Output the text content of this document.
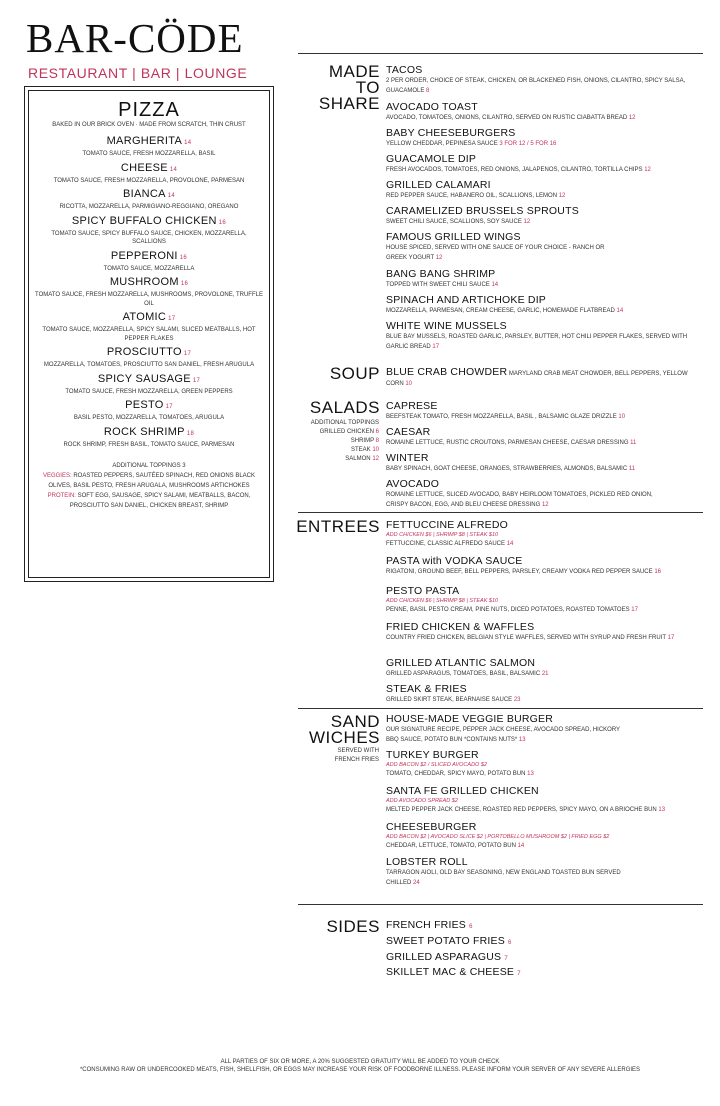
BAR-CÖDE
RESTAURANT | BAR | LOUNGE
PIZZA
BAKED IN OUR BRICK OVEN · MADE FROM SCRATCH, THIN CRUST
MARGHERITA 14
TOMATO SAUCE, FRESH MOZZARELLA, BASIL
CHEESE 14
TOMATO SAUCE, FRESH MOZZARELLA, PROVOLONE, PARMESAN
BIANCA 14
RICOTTA, MOZZARELLA, PARMIGIANO-REGGIANO, OREGANO
SPICY BUFFALO CHICKEN 16
TOMATO SAUCE, SPICY BUFFALO SAUCE, CHICKEN, MOZZARELLA, SCALLIONS
PEPPERONI 16
TOMATO SAUCE, MOZZARELLA
MUSHROOM 16
TOMATO SAUCE, FRESH MOZZARELLA, MUSHROOMS, PROVOLONE, TRUFFLE OIL
ATOMIC 17
TOMATO SAUCE, MOZZARELLA, SPICY SALAMI, SLICED MEATBALLS, HOT PEPPER FLAKES
PROSCIUTTO 17
MOZZARELLA, TOMATOES, PROSCIUTTO SAN DANIEL, FRESH ARUGULA
SPICY SAUSAGE 17
TOMATO SAUCE, FRESH MOZZARELLA, GREEN PEPPERS
PESTO 17
BASIL PESTO, MOZZARELLA, TOMATOES, ARUGULA
ROCK SHRIMP 18
ROCK SHRIMP, FRESH BASIL, TOMATO SAUCE, PARMESAN
ADDITIONAL TOPPINGS 3
VEGGIES: ROASTED PEPPERS, SAUTÉED SPINACH, RED ONIONS BLACK OLIVES, BASIL PESTO, FRESH ARUGALA, MUSHROOMS ARTICHOKES
PROTEIN: SOFT EGG, SAUSAGE, SPICY SALAMI, MEATBALLS, BACON, PROSCIUTTO SAN DANIEL, CHICKEN BREAST, SHRIMP
MADE
TO SHARE
TACOS
2 PER ORDER, CHOICE OF STEAK, CHICKEN, OR BLACKENED FISH, ONIONS, CILANTRO, SPICY SALSA, GUACAMOLE 8
AVOCADO TOAST
AVOCADO, TOMATOES, ONIONS, CILANTRO, SERVED ON RUSTIC CIABATTA BREAD 12
BABY CHEESEBURGERS
YELLOW CHEDDAR, PEPINESA SAUCE 3 FOR 12 / 5 FOR 16
GUACAMOLE DIP
FRESH AVOCADOS, TOMATOES, RED ONIONS, JALAPENOS, CILANTRO, TORTILLA CHIPS 12
GRILLED CALAMARI
RED PEPPER SAUCE, HABANERO OIL, SCALLIONS, LEMON 12
CARAMELIZED BRUSSELS SPROUTS
SWEET CHILI SAUCE, SCALLIONS, SOY SAUCE 12
FAMOUS GRILLED WINGS
HOUSE SPICED, SERVED WITH ONE SAUCE OF YOUR CHOICE - RANCH OR GREEK YOGURT 12
BANG BANG SHRIMP
TOPPED WITH SWEET CHILI SAUCE 14
SPINACH AND ARTICHOKE DIP
MOZZARELLA, PARMESAN, CREAM CHEESE, GARLIC, HOMEMADE FLATBREAD 14
WHITE WINE MUSSELS
BLUE BAY MUSSELS, ROASTED GARLIC, PARSLEY, BUTTER, HOT CHILI PEPPER FLAKES, SERVED WITH GARLIC BREAD 17
SOUP BLUE CRAB CHOWDER MARYLAND CRAB MEAT CHOWDER, BELL PEPPERS, YELLOW CORN 10
SALADS
ADDITIONAL TOPPINGS
GRILLED CHICKEN 6
SHRIMP 8
STEAK 10
SALMON 12
CAPRESE
BEEFSTEAK TOMATO, FRESH MOZZARELLA, BASIL , BALSAMIC GLAZE DRIZZLE 10
CAESAR
ROMAINE LETTUCE, RUSTIC CROUTONS, PARMESAN CHEESE, CAESAR DRESSING 11
WINTER
BABY SPINACH, GOAT CHEESE, ORANGES, STRAWBERRIES, ALMONDS, BALSAMIC 11
AVOCADO
ROMAINE LETTUCE, SLICED AVOCADO, BABY HEIRLOOM TOMATOES, PICKLED RED ONION, CRISPY BACON, EGG, AND BLEU CHEESE DRESSING 12
ENTREES FETTUCCINE ALFREDO
ADD CHICKEN $6 | SHRIMP $8 | STEAK $10
FETTUCCINE, CLASSIC ALFREDO SAUCE 14
PASTA with VODKA SAUCE
RIGATONI, GROUND BEEF, BELL PEPPERS, PARSLEY, CREAMY VODKA RED PEPPER SAUCE 16
PESTO PASTA
ADD CHICKEN $6 | SHRIMP $8 | STEAK $10
PENNE, BASIL PESTO CREAM, PINE NUTS, DICED POTATOES, ROASTED TOMATOES 17
FRIED CHICKEN & WAFFLES
COUNTRY FRIED CHICKEN, BELGIAN STYLE WAFFLES, SERVED WITH SYRUP AND FRESH FRUIT 17
GRILLED ATLANTIC SALMON
GRILLED ASPARAGUS, TOMATOES, BASIL, BALSAMIC 21
STEAK & FRIES
GRILLED SKIRT STEAK, BEARNAISE SAUCE 23
SAND
WICHES
SERVED WITH
FRENCH FRIES
HOUSE-MADE VEGGIE BURGER
OUR SIGNATURE RECIPE, PEPPER JACK CHEESE, AVOCADO SPREAD, HICKORY BBQ SAUCE, POTATO BUN *CONTAINS NUTS* 13
TURKEY BURGER
ADD BACON $2 / SLICED AVOCADO $2
TOMATO, CHEDDAR, SPICY MAYO, POTATO BUN 13
SANTA FE GRILLED CHICKEN
ADD AVOCADO SPREAD $2
MELTED PEPPER JACK CHEESE, ROASTED RED PEPPERS, SPICY MAYO, ON A BRIOCHE BUN 13
CHEESEBURGER
ADD BACON $2 | AVOCADO SLICE $2 | PORTOBELLO MUSHROOM $2 | FRIED EGG $2
CHEDDAR, LETTUCE, TOMATO, POTATO BUN 14
LOBSTER ROLL
TARRAGON AIOLI, OLD BAY SEASONING, NEW ENGLAND TOASTED BUN SERVED CHILLED 24
SIDES FRENCH FRIES 6
SWEET POTATO FRIES 6
GRILLED ASPARAGUS 7
SKILLET MAC & CHEESE 7
ALL PARTIES OF SIX OR MORE, A 20% SUGGESTED GRATUITY WILL BE ADDED TO YOUR CHECK
*CONSUMING RAW OR UNDERCOOKED MEATS, FISH, SHELLFISH, OR EGGS MAY INCREASE YOUR RISK OF FOODBORNE ILLNESS. PLEASE INFORM YOUR SERVER OF ANY SEVERE ALLERGIES
